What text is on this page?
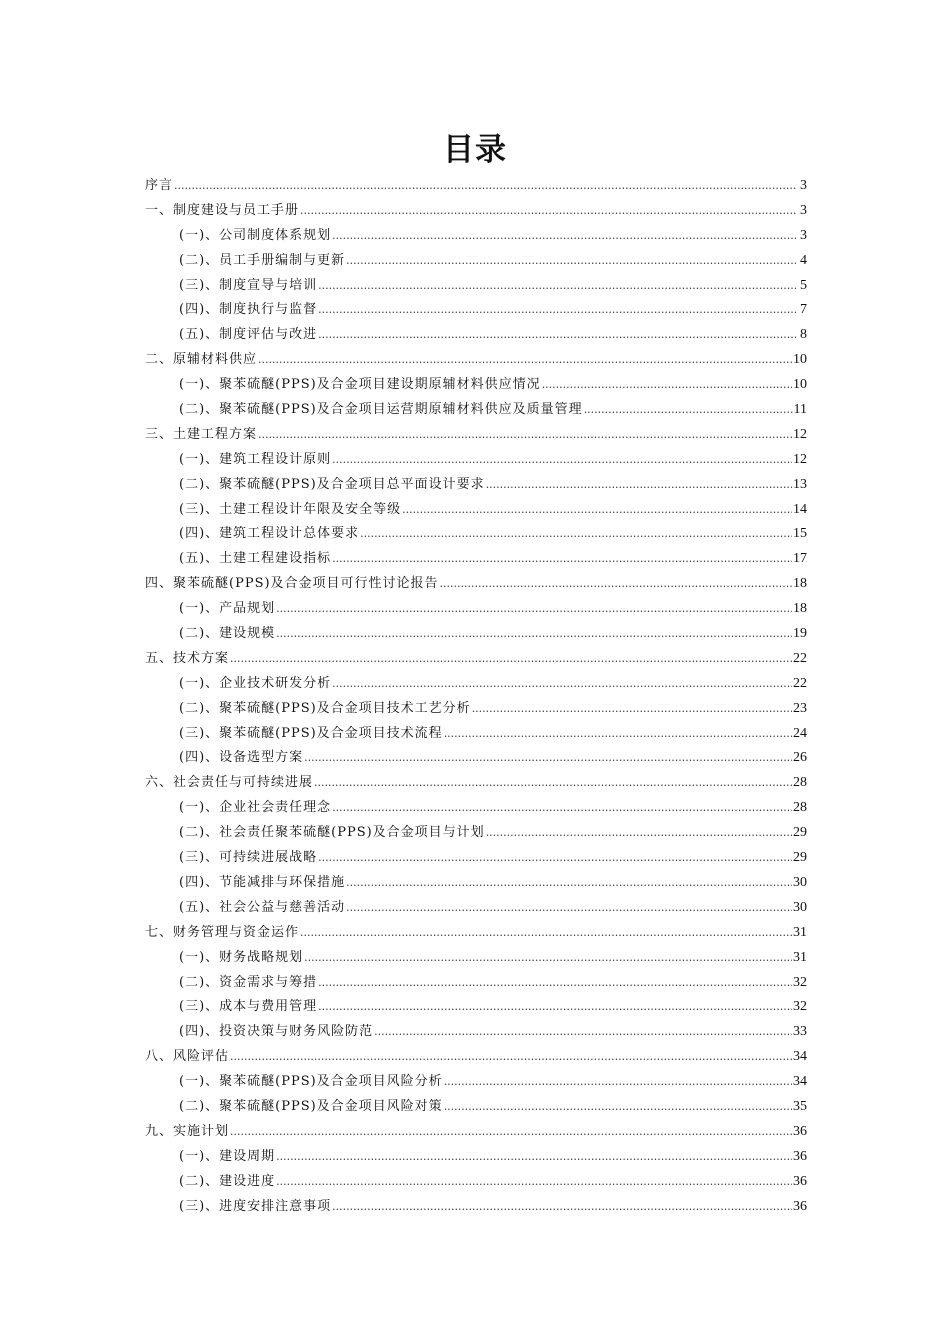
目录
序言 .....	3
一、制度建设与员工手册 .....	3
(一)、公司制度体系规划 .....	3
(二)、员工手册编制与更新 .....	4
(三)、制度宣导与培训 .....	5
(四)、制度执行与监督 .....	7
(五)、制度评估与改进 .....	8
二、原辅材料供应 .....	10
(一)、聚苯硫醚(PPS)及合金项目建设期原辅材料供应情况 .....	10
(二)、聚苯硫醚(PPS)及合金项目运营期原辅材料供应及质量管理 .....	11
三、土建工程方案 .....	12
(一)、建筑工程设计原则 .....	12
(二)、聚苯硫醚(PPS)及合金项目总平面设计要求 .....	13
(三)、土建工程设计年限及安全等级 .....	14
(四)、建筑工程设计总体要求 .....	15
(五)、土建工程建设指标 .....	17
四、聚苯硫醚(PPS)及合金项目可行性讨论报告 .....	18
(一)、产品规划 .....	18
(二)、建设规模 .....	19
五、技术方案 .....	22
(一)、企业技术研发分析 .....	22
(二)、聚苯硫醚(PPS)及合金项目技术工艺分析 .....	23
(三)、聚苯硫醚(PPS)及合金项目技术流程 .....	24
(四)、设备选型方案 .....	26
六、社会责任与可持续进展 .....	28
(一)、企业社会责任理念 .....	28
(二)、社会责任聚苯硫醚(PPS)及合金项目与计划 .....	29
(三)、可持续进展战略 .....	29
(四)、节能减排与环保措施 .....	30
(五)、社会公益与慈善活动 .....	30
七、财务管理与资金运作 .....	31
(一)、财务战略规划 .....	31
(二)、资金需求与筹措 .....	32
(三)、成本与费用管理 .....	32
(四)、投资决策与财务风险防范 .....	33
八、风险评估 .....	34
(一)、聚苯硫醚(PPS)及合金项目风险分析 .....	34
(二)、聚苯硫醚(PPS)及合金项目风险对策 .....	35
九、实施计划 .....	36
(一)、建设周期 .....	36
(二)、建设进度 .....	36
(三)、进度安排注意事项 .....	36
